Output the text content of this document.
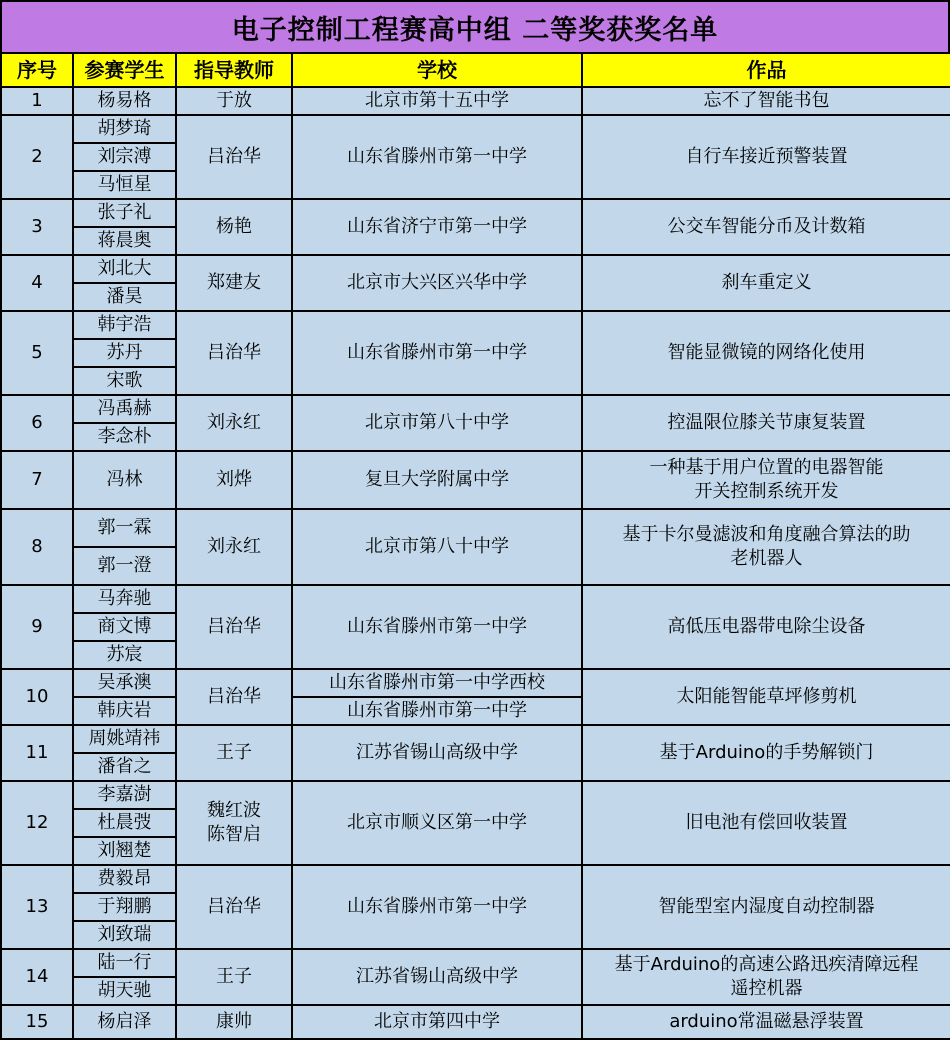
电子控制工程赛高中组 二等奖获奖名单
序号	参赛学生	指导教师	学校	作品
1	杨易格	于放	北京市第十五中学	忘不了智能书包

2	胡梦琦	吕治华	山东省滕州市第一中学	自行车接近预警装置

	刘宗溥			
	马恒星			
3	张子礼	杨艳	山东省济宁市第一中学	公交车智能分币及计数箱

	蒋晨奥			
4	刘北大	郑建友	北京市大兴区兴华中学	刹车重定义

	潘昊			
5	韩宇浩	吕治华	山东省滕州市第一中学	智能显微镜的网络化使用

	苏丹			
	宋歌			
6	冯禹赫	刘永红	北京市第八十中学	控温限位膝关节康复装置

	李念朴			
7	冯林	刘烨	复旦大学附属中学	一种基于用户位置的电器智能
开关控制系统开发

8	郭一霖	刘永红	北京市第八十中学	基于卡尔曼滤波和角度融合算法的助
老机器人

	郭一澄			
9	马奔驰	吕治华	山东省滕州市第一中学	高低压电器带电除尘设备

	商文博			
	苏宸			
10	吴承澳	吕治华	山东省滕州市第一中学西校	太阳能智能草坪修剪机

	韩庆岩		山东省滕州市第一中学	
11	周姚靖祎	王子	江苏省锡山高级中学	基于Arduino的手势解锁门

	潘省之			
12	李嘉澍	魏红波
陈智启	北京市顺义区第一中学	旧电池有偿回收装置

	杜晨弢			
	刘翘楚			
13	费毅昂	吕治华	山东省滕州市第一中学	智能型室内湿度自动控制器

	于翔鹏			
	刘致瑞			
14	陆一行	王子	江苏省锡山高级中学	基于Arduino的高速公路迅疾清障远程
遥控机器

	胡天驰			
15	杨启泽	康帅	北京市第四中学	arduino常温磁悬浮装置
